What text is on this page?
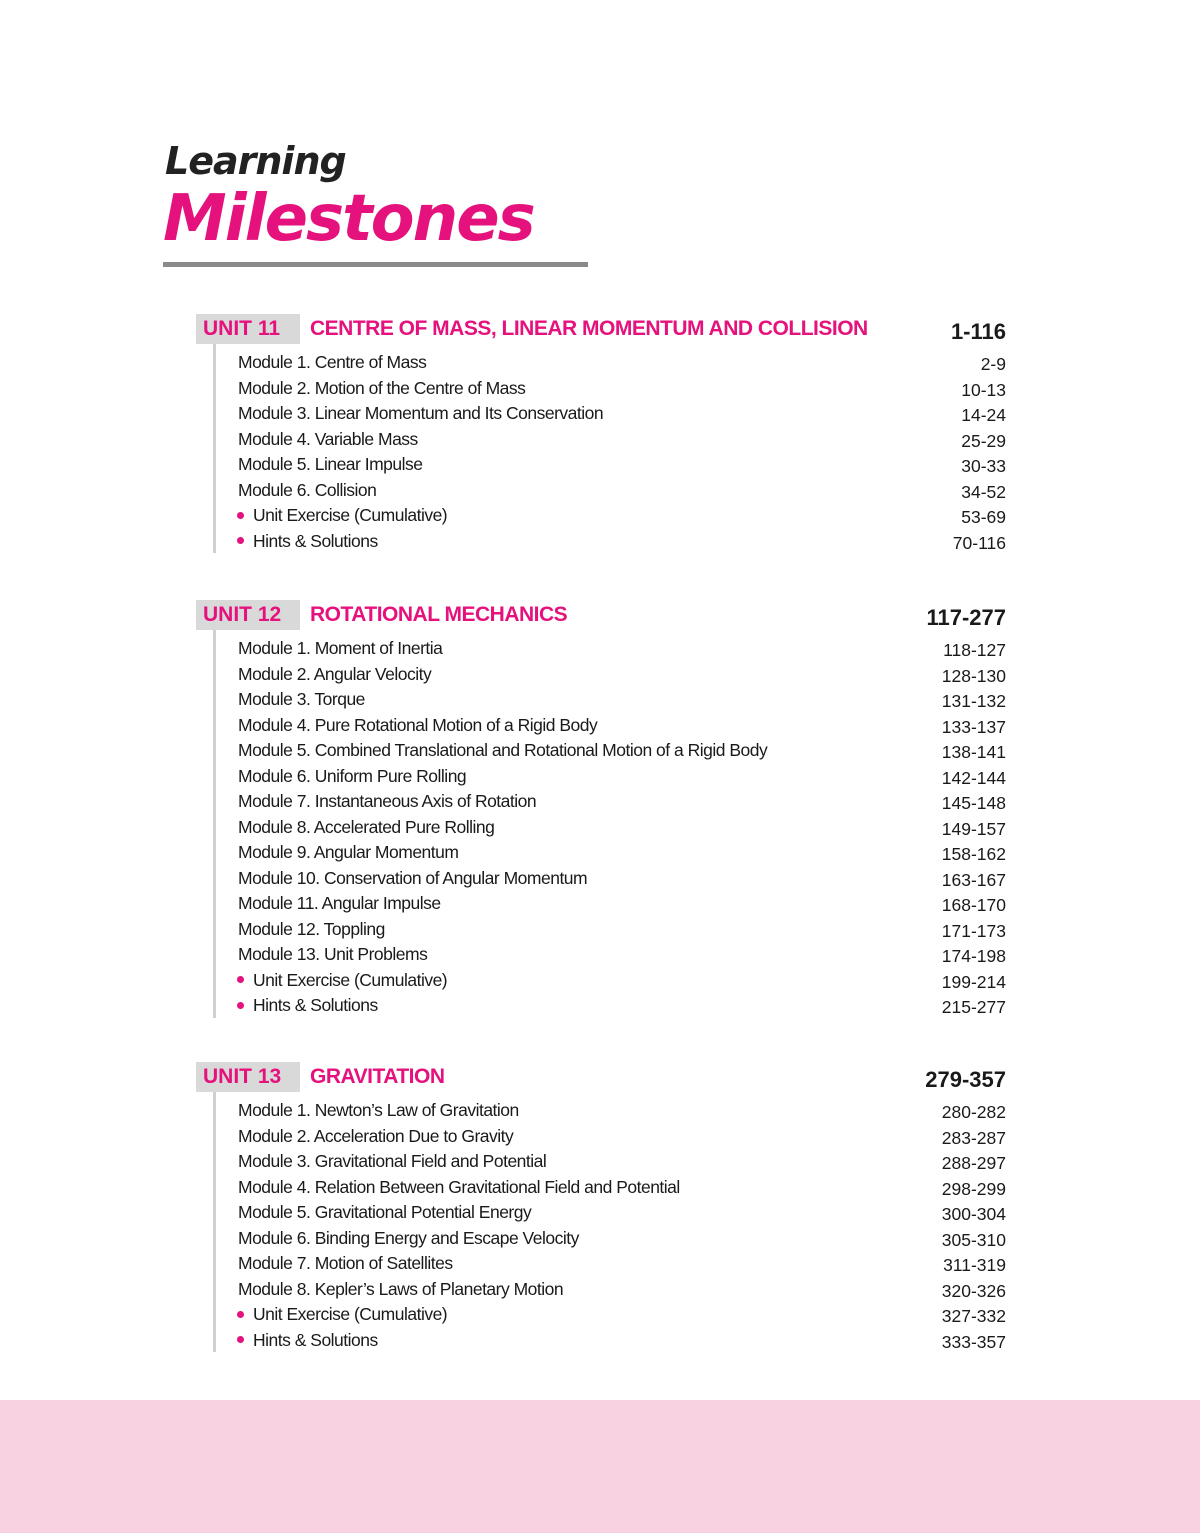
Learning
Milestones
UNIT 11	CENTRE OF MASS, LINEAR MOMENTUM AND COLLISION	1-116
Module 1. Centre of Mass	2-9
Module 2. Motion of the Centre of Mass	10-13
Module 3. Linear Momentum and Its Conservation	14-24
Module 4. Variable Mass	25-29
Module 5. Linear Impulse	30-33
Module 6. Collision	34-52
Unit Exercise (Cumulative)	53-69
Hints & Solutions	70-116
UNIT 12	ROTATIONAL MECHANICS	117-277
Module 1. Moment of Inertia	118-127
Module 2. Angular Velocity	128-130
Module 3. Torque	131-132
Module 4. Pure Rotational Motion of a Rigid Body	133-137
Module 5. Combined Translational and Rotational Motion of a Rigid Body	138-141
Module 6. Uniform Pure Rolling	142-144
Module 7. Instantaneous Axis of Rotation	145-148
Module 8. Accelerated Pure Rolling	149-157
Module 9. Angular Momentum	158-162
Module 10. Conservation of Angular Momentum	163-167
Module 11. Angular Impulse	168-170
Module 12. Toppling	171-173
Module 13. Unit Problems	174-198
Unit Exercise (Cumulative)	199-214
Hints & Solutions	215-277
UNIT 13	GRAVITATION	279-357
Module 1. Newton’s Law of Gravitation	280-282
Module 2. Acceleration Due to Gravity	283-287
Module 3. Gravitational Field and Potential	288-297
Module 4. Relation Between Gravitational Field and Potential	298-299
Module 5. Gravitational Potential Energy	300-304
Module 6. Binding Energy and Escape Velocity	305-310
Module 7. Motion of Satellites	311-319
Module 8. Kepler’s Laws of Planetary Motion	320-326
Unit Exercise (Cumulative)	327-332
Hints & Solutions	333-357
